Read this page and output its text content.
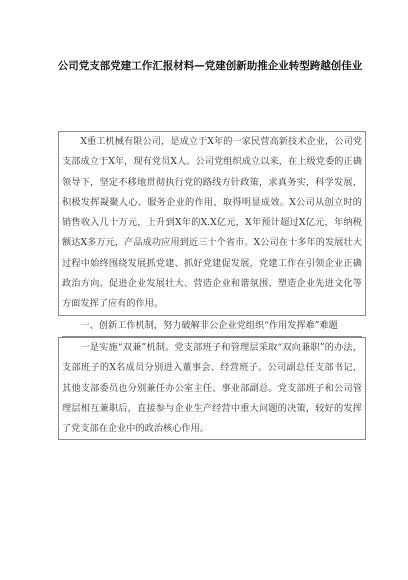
公司党支部党建工作汇报材料—党建创新助推企业转型跨越创佳业

X重工机械有限公司，是成立于X年的一家民营高新技术企业，公司党支部成立于X年，现有党员X人。公司党组织成立以来，在上级党委的正确领导下，坚定不移地贯彻执行党的路线方针政策，求真务实，科学发展，积极发挥凝聚人心、服务企业的作用，取得明显成效。X公司从创立时的销售收入几十万元，上升到X年的X.X亿元，X年预计超过X亿元，年纳税额达X多万元，产品成功应用到近三十个省市。X公司在十多年的发展壮大过程中始终围绕发展抓党建、抓好党建促发展，党建工作在引领企业正确政治方向、促进企业发展壮大、营造企业和谐氛围、塑造企业先进文化等方面发挥了应有的作用。

一、创新工作机制，努力破解非公企业党组织“作用发挥难”难题

一是实施“双兼”机制。党支部班子和管理层采取“双向兼职”的办法，支部班子的X名成员分别进入董事会、经营班子。公司副总任支部书记，其他支部委员也分别兼任办公室主任、事业部副总。党支部班子和公司管理层相互兼职后，直接参与企业生产经营中重大问题的决策，较好的发挥了党支部在企业中的政治核心作用。
